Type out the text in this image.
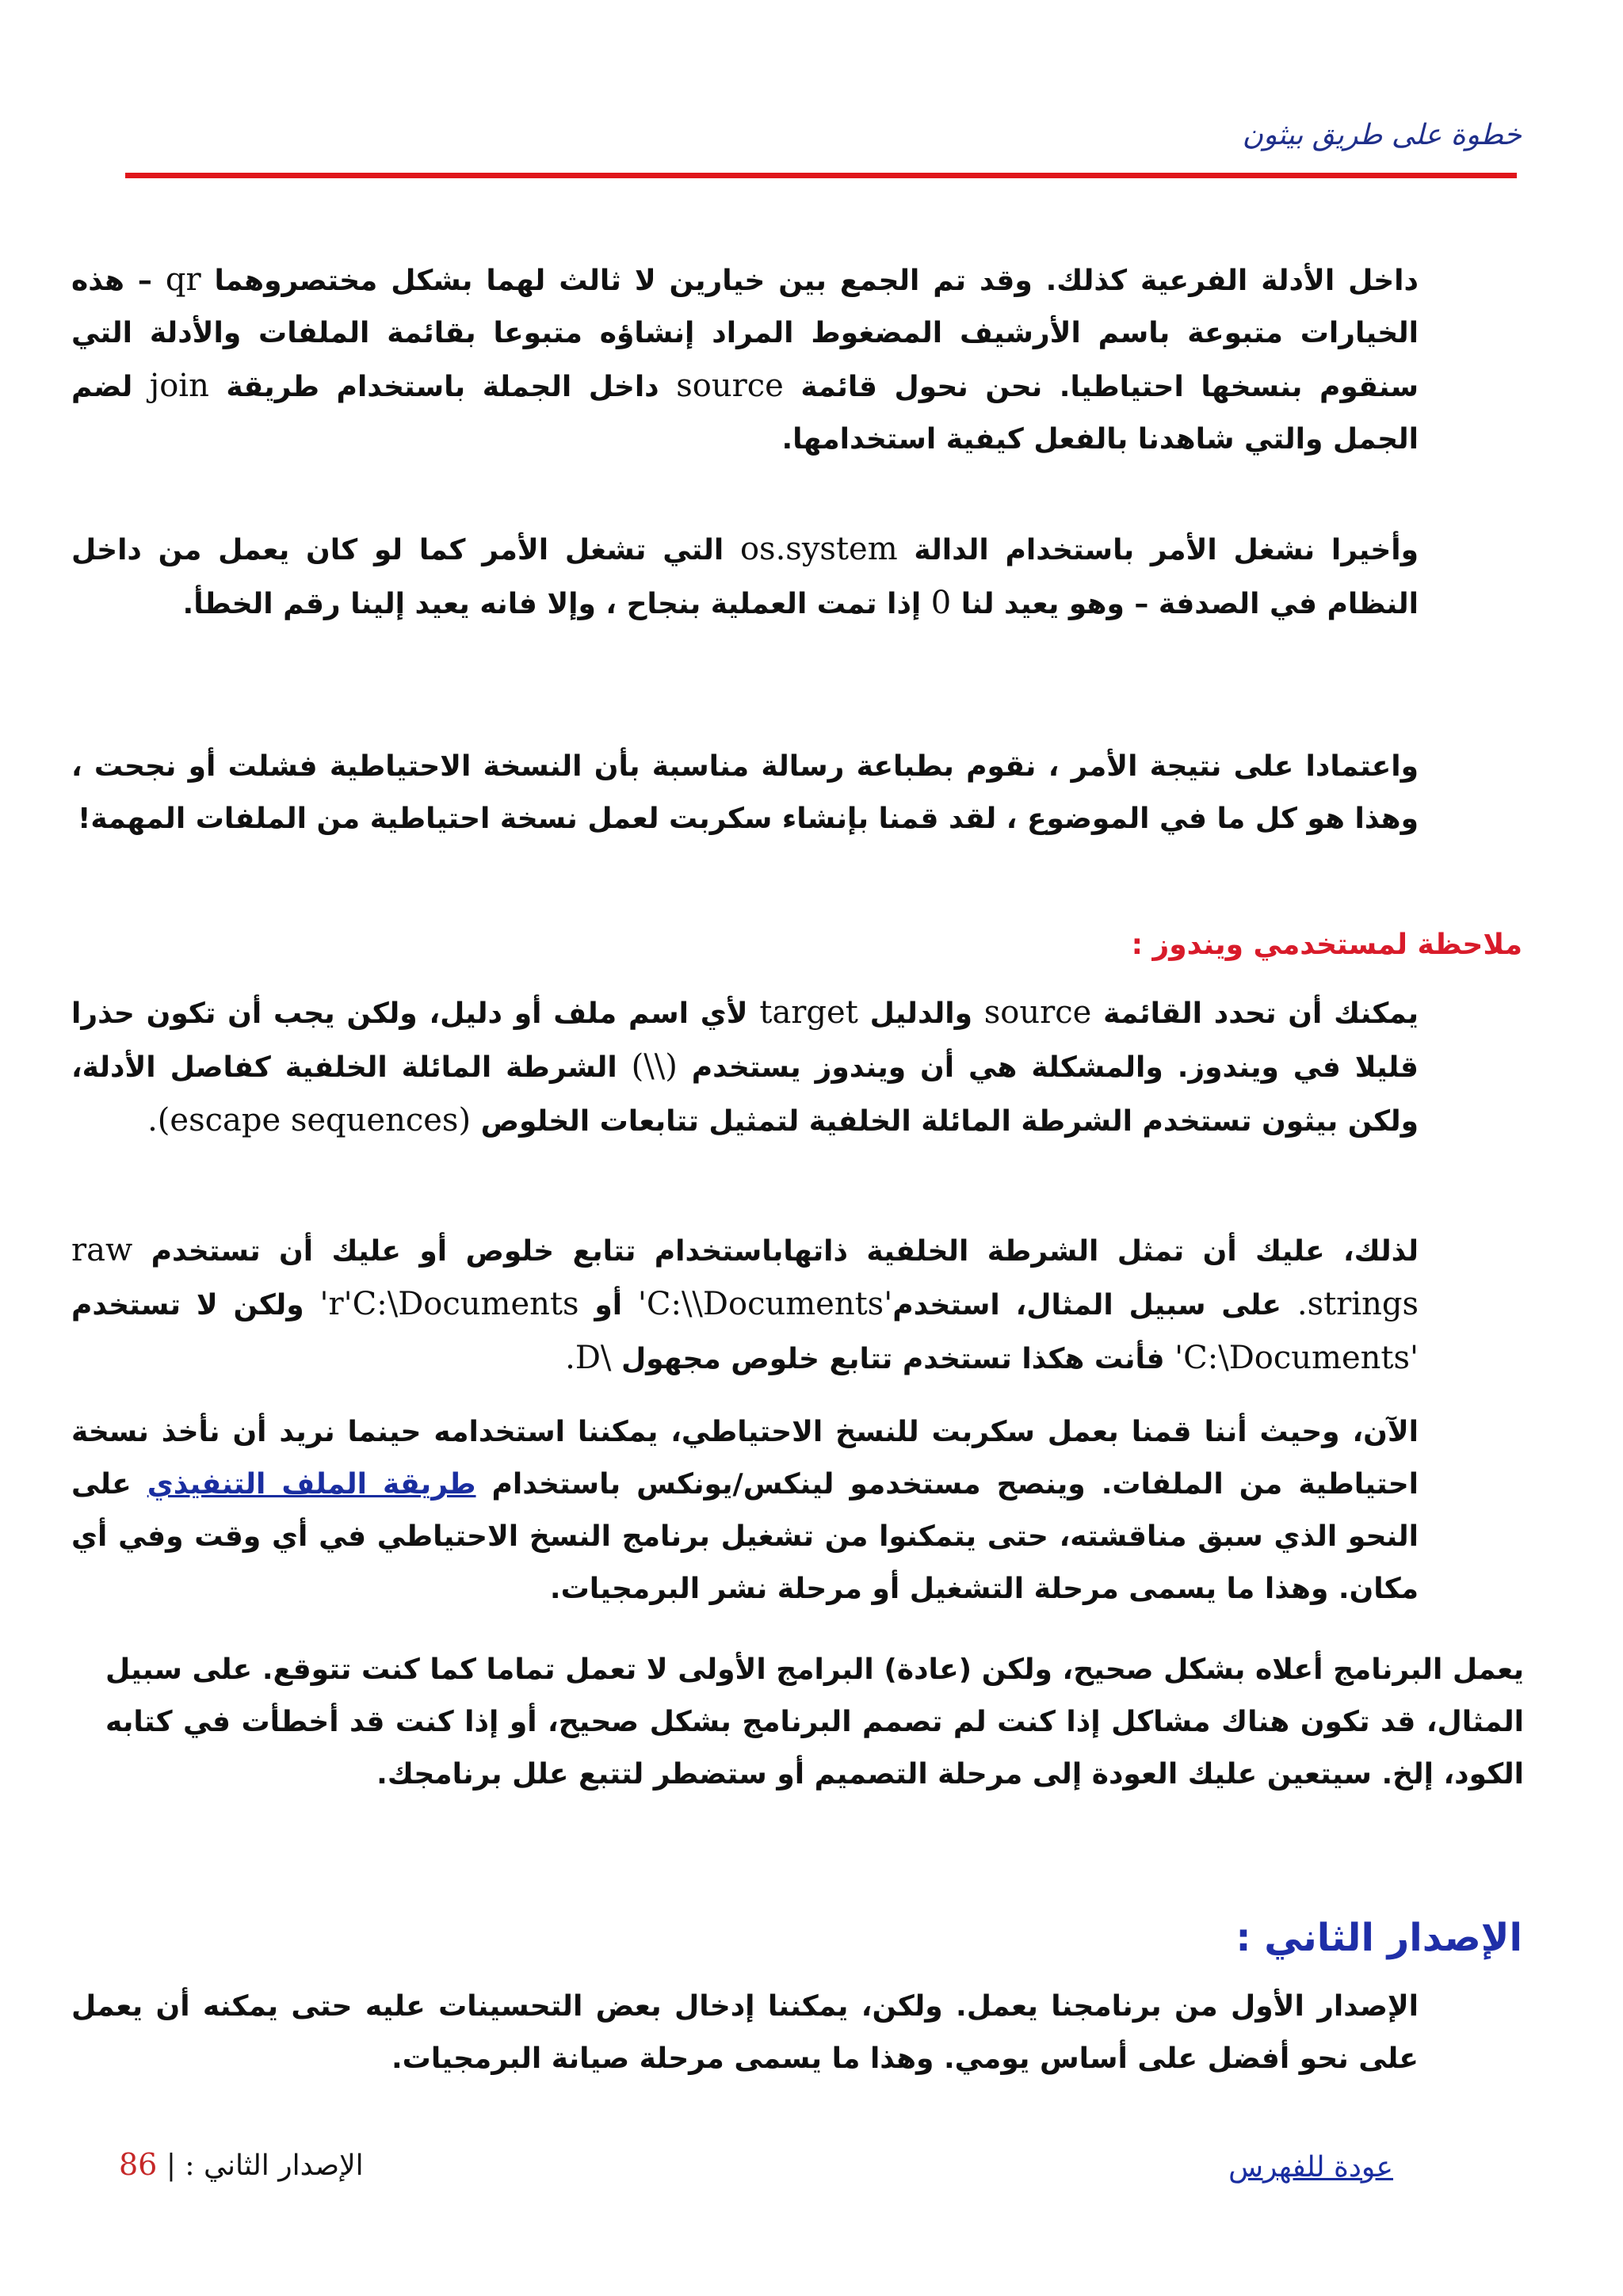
خطوة على طريق بيثون
داخل الأدلة الفرعية كذلك. وقد تم الجمع بين خيارين لا ثالث لهما بشكل مختصروهما qr – هذه الخيارات متبوعة باسم الأرشيف المضغوط المراد إنشاؤه متبوعا بقائمة الملفات والأدلة التي سنقوم بنسخها احتياطيا. نحن نحول قائمة source داخل الجملة باستخدام طريقة join لضم الجمل والتي شاهدنا بالفعل كيفية استخدامها.
وأخيرا نشغل الأمر باستخدام الدالة os.system التي تشغل الأمر كما لو كان يعمل من داخل النظام في الصدفة – وهو يعيد لنا 0 إذا تمت العملية بنجاح ، وإلا فانه يعيد إلينا رقم الخطأ.
واعتمادا على نتيجة الأمر ، نقوم بطباعة رسالة مناسبة بأن النسخة الاحتياطية فشلت أو نجحت ، وهذا هو كل ما في الموضوع ، لقد قمنا بإنشاء سكربت لعمل نسخة احتياطية من الملفات المهمة!
ملاحظة لمستخدمي ويندوز :
يمكنك أن تحدد القائمة source والدليل target لأي اسم ملف أو دليل، ولكن يجب أن تكون حذرا قليلا في ويندوز. والمشكلة هي أن ويندوز يستخدم (\\) الشرطة المائلة الخلفية كفاصل الأدلة، ولكن بيثون تستخدم الشرطة المائلة الخلفية لتمثيل تتابعات الخلوص (escape sequences).
لذلك، عليك أن تمثل الشرطة الخلفية ذاتهاباستخدام تتابع خلوص أو عليك أن تستخدم raw strings. على سبيل المثال، استخدم'C:\\Documents' أو r'C:\Documents' ولكن لا تستخدم 'C:\Documents' فأنت هكذا تستخدم تتابع خلوص مجهول \D.
الآن، وحيث أننا قمنا بعمل سكربت للنسخ الاحتياطي، يمكننا استخدامه حينما نريد أن نأخذ نسخة احتياطية من الملفات. وينصح مستخدمو لينكس/يونكس باستخدام طريقة الملف التنفيذي على النحو الذي سبق مناقشته، حتى يتمكنوا من تشغيل برنامج النسخ الاحتياطي في أي وقت وفي أي مكان. وهذا ما يسمى مرحلة التشغيل أو مرحلة نشر البرمجيات.
يعمل البرنامج أعلاه بشكل صحيح، ولكن (عادة) البرامج الأولى لا تعمل تماما كما كنت تتوقع. على سبيل المثال، قد تكون هناك مشاكل إذا كنت لم تصمم البرنامج بشكل صحيح، أو إذا كنت قد أخطأت في كتابه الكود، إلخ. سيتعين عليك العودة إلى مرحلة التصميم أو ستضطر لتتبع علل برنامجك.
الإصدار الثاني :
الإصدار الأول من برنامجنا يعمل. ولكن، يمكننا إدخال بعض التحسينات عليه حتى يمكنه أن يعمل على نحو أفضل على أساس يومي. وهذا ما يسمى مرحلة صيانة البرمجيات.
الإصدار الثاني : | 86	عودة للفهرس
